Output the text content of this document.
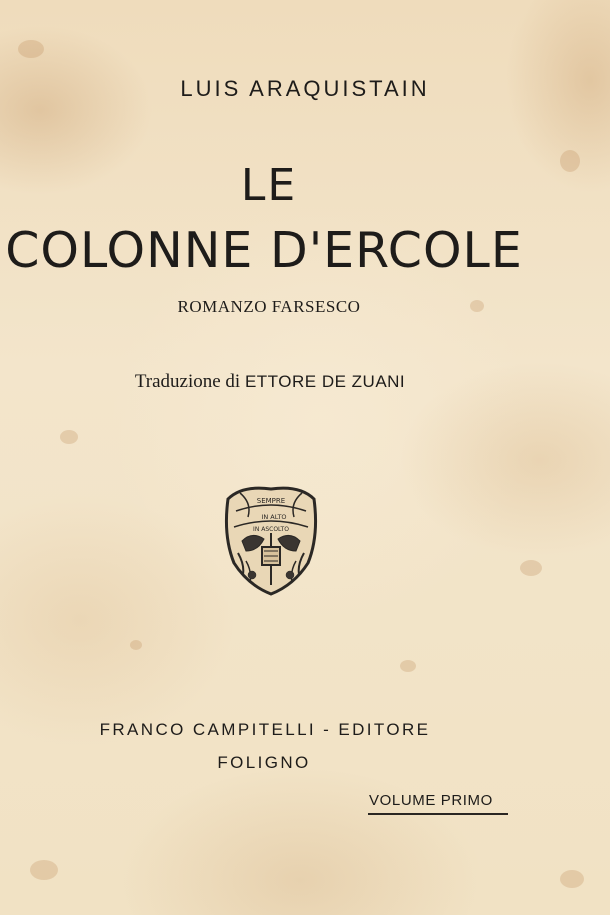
LUIS ARAQUISTAIN
LE
COLONNE D'ERCOLE
ROMANZO FARSESCO
Traduzione di ETTORE DE ZUANI
SEMPRE
IN ALTO
IN ASCOLTO
FRANCO CAMPITELLI - EDITORE
FOLIGNO
VOLUME PRIMO
